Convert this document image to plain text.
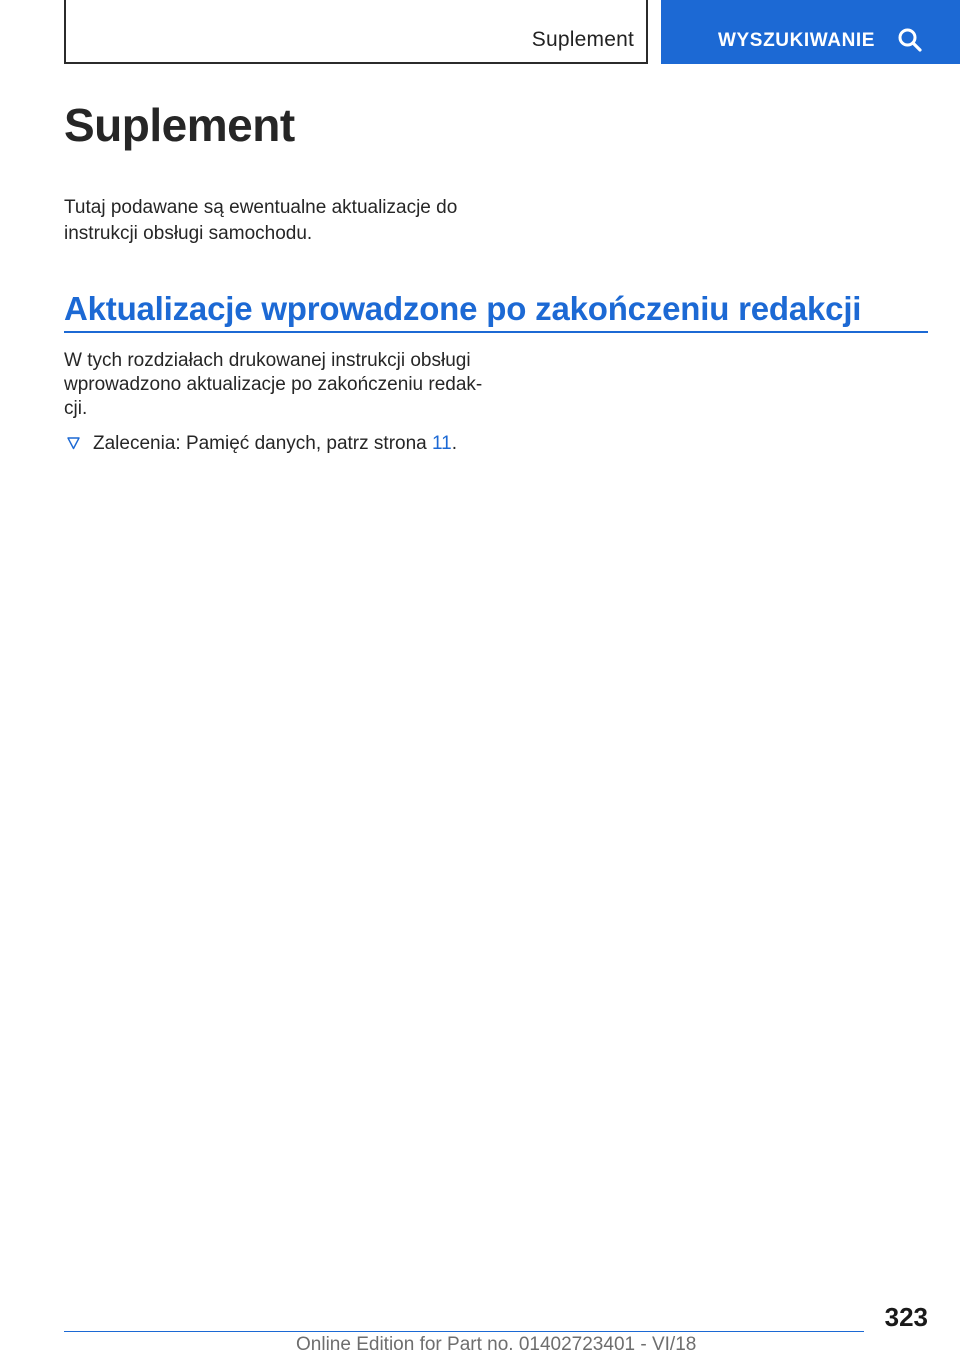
Suplement	WYSZUKIWANIE
Suplement

Tutaj podawane są ewentualne aktualizacje do instrukcji obsługi samochodu.

Aktualizacje wprowadzone po zakończeniu redakcji

W tych rozdziałach drukowanej instrukcji obsługi wprowadzono aktualizacje po zakończeniu redak-cji.

Zalecenia: Pamięć danych, patrz strona 11.
323
Online Edition for Part no. 01402723401 - VI/18
